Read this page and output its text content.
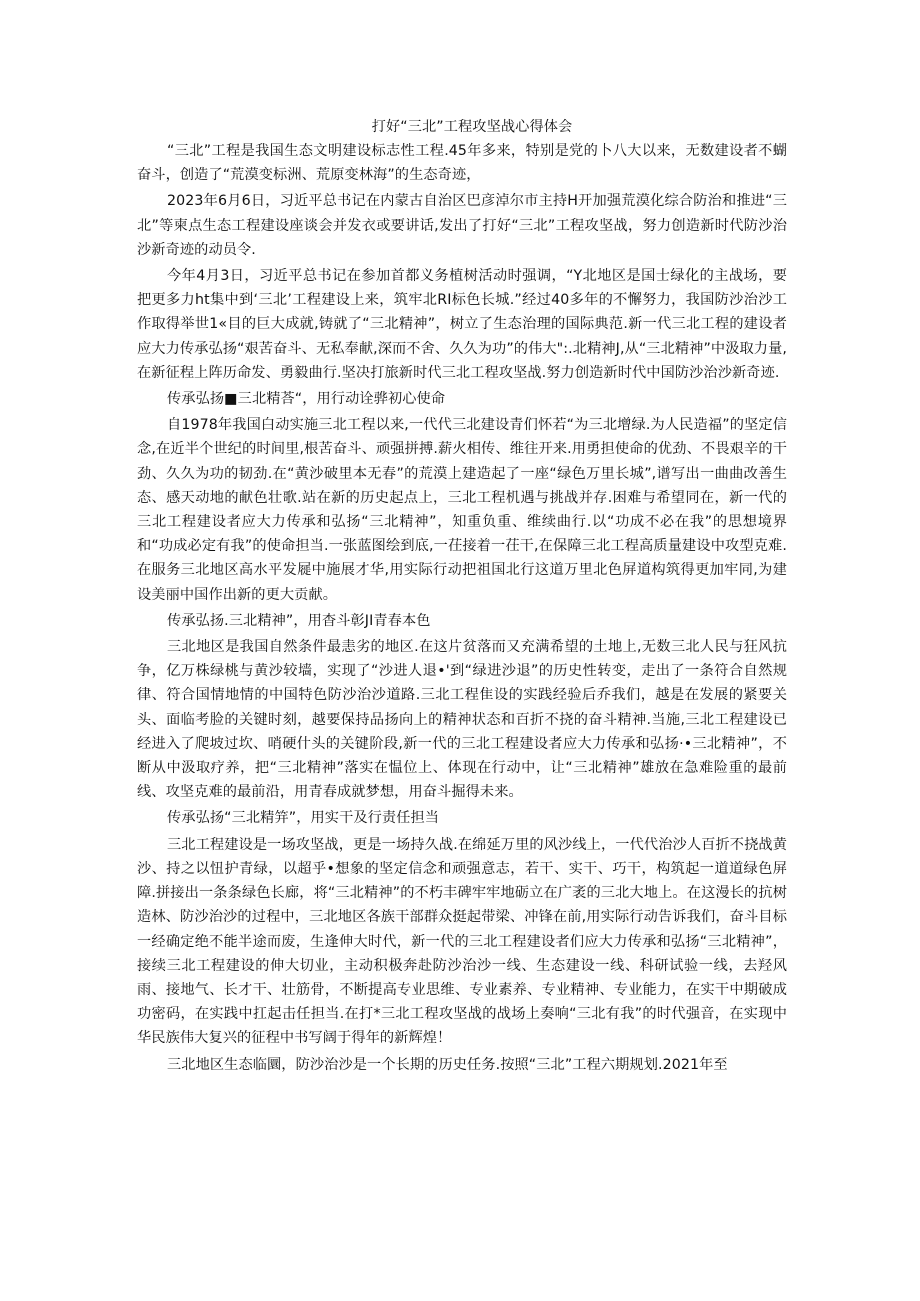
打好“三北”工程攻坚战心得体会

“三北”工程是我国生态文明建设标志性工程.45年多来，特别是党的卜八大以来，无数建设者不蝴奋斗，创造了“荒漠变标洲、荒原变林海”的生态奇迹，

2023年6月6日，习近平总书记在内蒙古自治区巴彦淖尔市主持H开加强荒漠化综合防治和推进“三北”等柬点生态工程建设座谈会并发衣或要讲话,发出了打好“三北”工程攻坚战，努力创造新时代防沙治沙新奇迹的动员令.

今年4月3日，习近平总书记在参加首都义务植树活动时强调，“Y北地区是国士绿化的主战场，要把更多力ht集中到‘三北’工程建设上来，筑牢北RI标色长城.”经过40多年的不懈努力，我国防沙治沙工作取得举世1«目的巨大成就,铸就了“三北精神”，树立了生态治理的国际典范.新一代三北工程的建设者应大力传承弘扬“艰苦奋斗、无私奉献,深而不舍、久久为功”的伟大":.北精神J,从“三北精神”中汲取力量,在新征程上阵历命发、勇毅曲行.坚决打旅新时代三北工程攻坚战.努力创造新时代中国防沙治沙新奇迹.

传承弘扬■三北精荅“，用行动诠骅初心使命

自1978年我国白动实施三北工程以来,一代代三北建设青们怀若“为三北增绿.为人民造福”的坚定信念,在近半个世纪的时间里,根苦奋斗、顽强拼搏.薪火相传、维往开来.用勇担使命的优劲、不畏艰辛的干劲、久久为功的韧劲.在“黄沙破里本无春”的荒漠上建造起了一座“绿色万里长城”,谱写出一曲曲改善生态、感天动地的献色壮歌.站在新的历史起点上，三北工程机遇与挑战并存.困难与希望同在，新一代的三北工程建设者应大力传承和弘扬“三北精神”，知重负重、维续曲行.以“功成不必在我”的思想境界和“功成必定有我”的使命担当.一张蓝图绘到底,一茌接着一茌干,在保障三北工程高质量建设中攻型克难.在服务三北地区高水平发屣中施展才华,用实际行动把祖国北行这道万里北色屏道构筑得更加牢同,为建设美丽中国作出新的更大贡献。

传承弘扬.三北精神”，用杳斗彰JI青春本色

三北地区是我国自然条件最恚劣的地区.在这片贫落而又充满希望的土地上,无数三北人民与狂风抗争，亿万株绿桃与黄沙较墙，实现了“沙进人退•'到“绿进沙退”的历史性转变，走出了一条符合自然规律、符合国情地情的中国特色防沙治沙道路.三北工程隹设的实践经验后乔我们，越是在发展的紧要关头、面临考脸的关键时刻，越要保持品扬向上的精神状态和百折不挠的奋斗精神.当施,三北工程建设已经进入了爬坡过坎、哨硬什头的关键阶段,新一代的三北工程建设者应大力传承和弘扬·•三北精神”，不断从中汲取疗养，把“三北精神”落实在愠位上、体现在行动中，让“三北精神”雄放在急难险重的最前线、攻坚克难的最前沿，用青春成就梦想，用奋斗掘得未来。

传承弘扬“三北精笄”，用实干及行责任担当

三北工程建设是一场攻坚战，更是一场持久战.在绵延万里的风沙线上，一代代治沙人百折不挠战黄沙、持之以忸护青绿，以超乎•想象的坚定信念和顽强意志，若干、实干、巧干，构筑起一道道绿色屏障.拼接出一条条绿色长廊，将“三北精神”的不朽丰碑牢牢地砺立在广袤的三北大地上。在这漫长的抗树造林、防沙治沙的过程中，三北地区各族干部群众挺起带梁、冲锋在前,用实际行动告诉我们，奋斗目标一经确定绝不能半途而废，生逢伸大时代，新一代的三北工程建设者们应大力传承和弘扬“三北精神”，接续三北工程建设的伸大切业，主动积极奔赴防沙治沙一线、生态建设一线、科研试验一线，去羟风雨、接地气、长才干、壮筋骨，不断提高专业思维、专业素养、专业精神、专业能力，在实干中期破成功密码，在实践中扛起击任担当.在打*三北工程攻坚战的战场上奏响“三北有我”的时代强音，在实现中华民族伟大复兴的征程中书写阔于得年的新辉煌！

三北地区生态临圜，防沙治沙是一个长期的历史任务.按照“三北”工程六期规划.2021年至
